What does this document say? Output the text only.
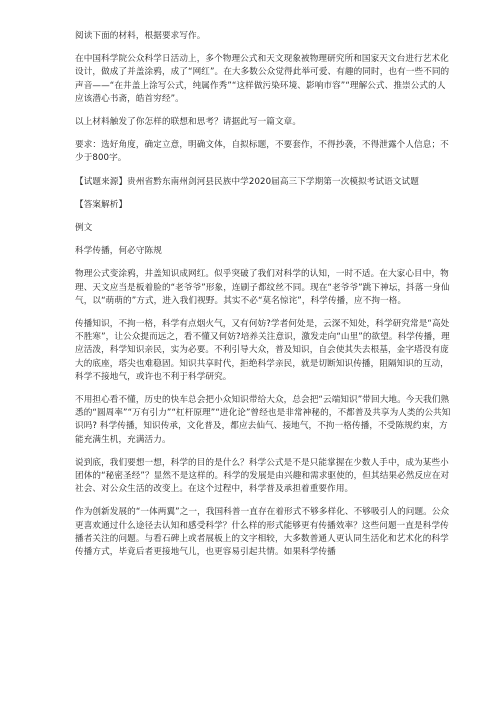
阅读下面的材料，根据要求写作。

在中国科学院公众科学日活动上，多个物理公式和天文现象被物理研究所和国家天文台进行艺术化设计，做成了并盖涂鸦，成了“网红”。在大多数公众觉得此举可爱、有趣的同时，也有一些不同的声音——“在井盖上涂写公式，纯属作秀”“这样做污染环境、影响市容”“理解公式、推崇公式的人应该潜心书斋，皓首穷经”。

以上材料触发了你怎样的联想和思考？请据此写一篇文章。

要求：选好角度，确定立意，明确文体，自拟标题，不要套作，不得抄袭，不得泄露个人信息；不少于800字。

【试题来源】贵州省黔东南州剑河县民族中学2020届高三下学期第一次模拟考试语文试题

【答案解析】

例文

科学传播，何必守陈规

物理公式变涂鸦，井盖知识成网红。似乎突破了我们对科学的认知，一时不适。在大家心目中，物理、天文应当是板着脸的“老爷爷”形象，连刷子都纹丝不同。现在“老爷爷”跳下神坛，抖落一身仙气，以“萌萌的”方式，进入我们视野。其实不必“莫名惊诧”，科学传播，应不拘一格。

传播知识，不拘一格，科学有点烟火气，又有何妨?学者何处是，云深不知处，科学研究常是“高处不胜寒”，让公众提而远之，看不懂又何妨?培养关注意识，激发走向“山里”的欲望。科学传播，理应活泼，科学知识亲民，实为必要。不利引导大众，普及知识，自会使其失去根基，金字塔没有庞大的底座，塔尖也难稳固。知识共享时代，拒绝科学亲民，就是切断知识传播，阻隔知识的互动，科学不接地气，或许也不利于科学研究。

不用担心看不懂，历史的快车总会把小众知识带给大众，总会把“云端知识”带回大地。今天我们熟悉的“圆周率”“万有引力”“杠杆原理”“进化论”曾经也是非常神秘的，不都普及共享为人类的公共知识吗? 科学传播，知识传承，文化普及，都应去仙气、接地气，不拘一格传播，不受陈规约束，方能充满生机，充满活力。

说到底，我们要想一想，科学的目的是什么？科学公式是不是只能掌握在少数人手中，成为某些小团体的“秘密圣经”？显然不是这样的。科学的发展是由兴趣和需求驱使的，但其结果必然反应在对社会、对公众生活的改变上。在这个过程中，科学普及承担着重要作用。

作为创新发展的“一体两翼”之一，我国科普一直存在着形式不够多样化、不够吸引人的问题。公众更喜欢通过什么途径去认知和感受科学？什么样的形式能够更有传播效率？这些问题一直是科学传播者关注的问题。与看石碑上或者展板上的文字相较，大多数普通人更认同生活化和艺术化的科学传播方式，毕竟后者更接地气儿，也更容易引起共情。如果科学传播
